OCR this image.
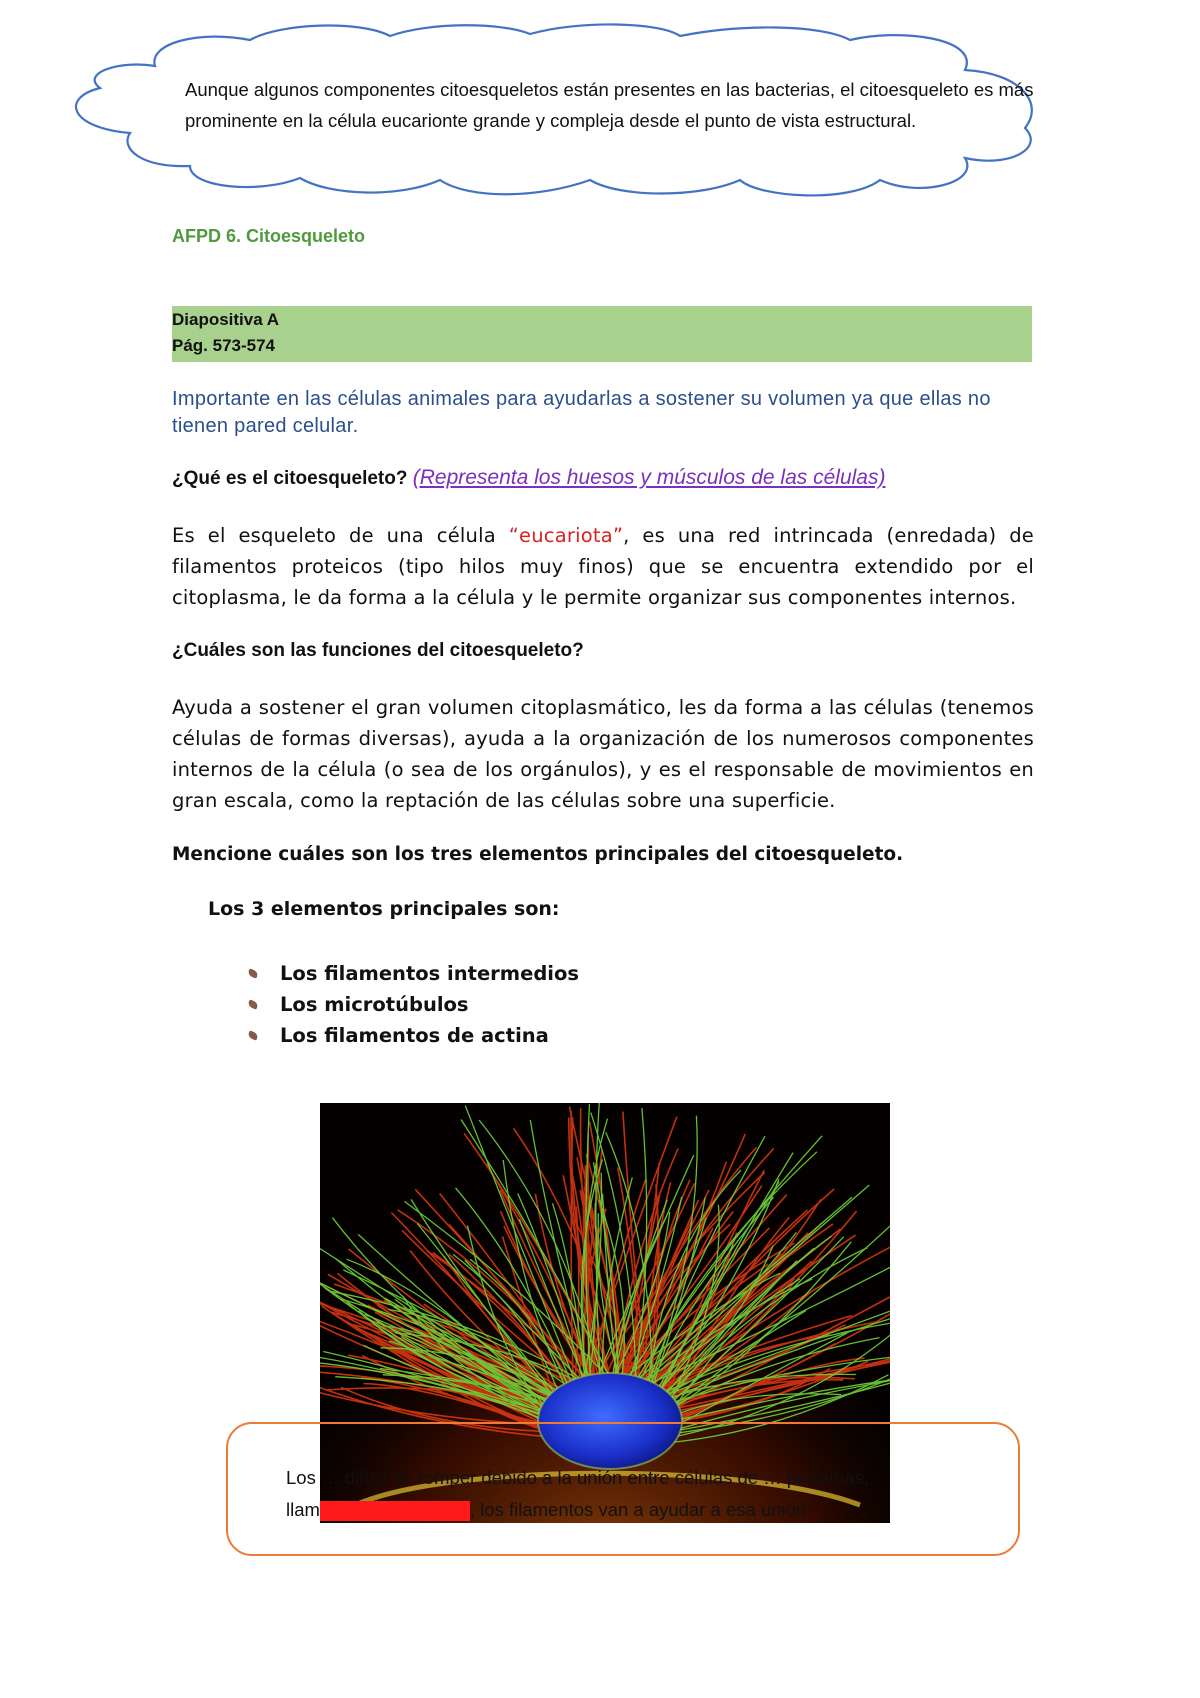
Aunque algunos componentes citoesqueletos están presentes en las bacterias, el citoesqueleto es más prominente en la célula eucarionte grande y compleja desde el punto de vista estructural.
AFPD 6. Citoesqueleto
Diapositiva A
Pág. 573-574
Importante en las células animales para ayudarlas a sostener su volumen ya que ellas no tienen pared celular.
¿Qué es el citoesqueleto? (Representa los huesos y músculos de las células)
Es el esqueleto de una célula “eucariota”, es una red intrincada (enredada) de filamentos proteicos (tipo hilos muy finos) que se encuentra extendido por el citoplasma, le da forma a la célula y le permite organizar sus componentes internos.
¿Cuáles son las funciones del citoesqueleto?
Ayuda a sostener el gran volumen citoplasmático, les da forma a las células (tenemos células de formas diversas), ayuda a la organización de los numerosos componentes internos de la célula (o sea de los orgánulos), y es el responsable de movimientos en gran escala, como la reptación de las células sobre una superficie.
Mencione cuáles son los tres elementos principales del citoesqueleto.
Los 3 elementos principales son:
Los filamentos intermedios
Los microtúbulos
Los filamentos de actina
Los … difícil de romper debido a la unión entre células de … proteínas,
llam	, los filamentos van a ayudar a esa unión
